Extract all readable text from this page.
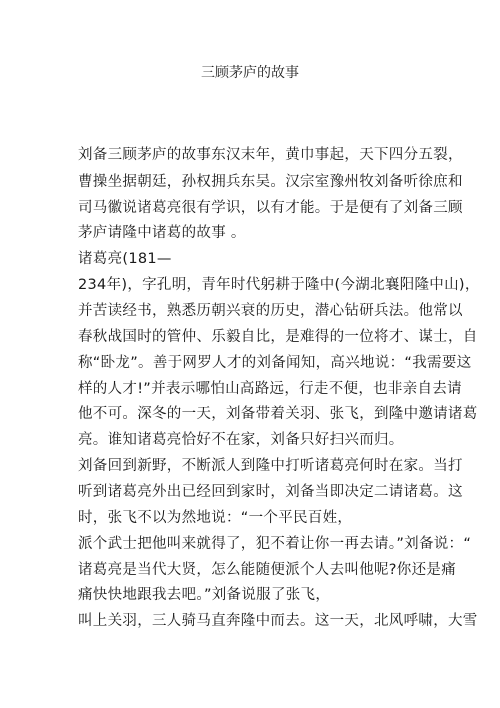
三顾茅庐的故事
刘备三顾茅庐的故事东汉末年，黄巾事起，天下四分五裂，
曹操坐据朝廷，孙权拥兵东吴。汉宗室豫州牧刘备听徐庶和
司马徽说诸葛亮很有学识，以有才能。于是便有了刘备三顾
茅庐请隆中诸葛的故事 。
诸葛亮(181—
234年)，字孔明，青年时代躬耕于隆中(今湖北襄阳隆中山)，
并苦读经书，熟悉历朝兴衰的历史，潜心钻研兵法。他常以
春秋战国时的管仲、乐毅自比，是难得的一位将才、谋士，自
称“卧龙”。善于网罗人才的刘备闻知，高兴地说：“我需要这
样的人才!”并表示哪怕山高路远，行走不便，也非亲自去请
他不可。深冬的一天，刘备带着关羽、张飞，到隆中邀请诸葛
亮。谁知诸葛亮恰好不在家，刘备只好扫兴而归。
刘备回到新野，不断派人到隆中打听诸葛亮何时在家。当打
听到诸葛亮外出已经回到家时，刘备当即决定二请诸葛。这
时，张飞不以为然地说：“一个平民百姓，
派个武士把他叫来就得了，犯不着让你一再去请。”刘备说：“
诸葛亮是当代大贤，怎么能随便派个人去叫他呢?你还是痛
痛快快地跟我去吧。”刘备说服了张飞，
叫上关羽，三人骑马直奔隆中而去。这一天，北风呼啸，大雪
